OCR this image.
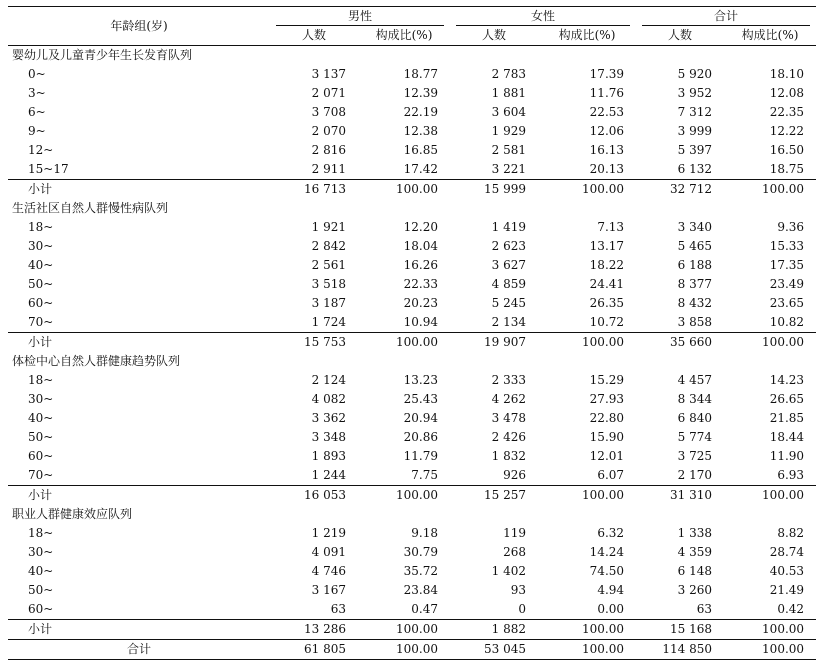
年龄组(岁)	男性		女性		合计	

	人数	构成比(%)	人数	构成比(%)	人数	构成比(%)
婴幼儿及儿童青少年生长发育队列						
0~	3 137	18.77	2 783	17.39	5 920	18.10
3~	2 071	12.39	1 881	11.76	3 952	12.08
6~	3 708	22.19	3 604	22.53	7 312	22.35
9~	2 070	12.38	1 929	12.06	3 999	12.22
12~	2 816	16.85	2 581	16.13	5 397	16.50
15~17	2 911	17.42	3 221	20.13	6 132	18.75
小计	16 713	100.00	15 999	100.00	32 712	100.00
生活社区自然人群慢性病队列						
18~	1 921	12.20	1 419	7.13	3 340	9.36
30~	2 842	18.04	2 623	13.17	5 465	15.33
40~	2 561	16.26	3 627	18.22	6 188	17.35
50~	3 518	22.33	4 859	24.41	8 377	23.49
60~	3 187	20.23	5 245	26.35	8 432	23.65
70~	1 724	10.94	2 134	10.72	3 858	10.82
小计	15 753	100.00	19 907	100.00	35 660	100.00
体检中心自然人群健康趋势队列						
18~	2 124	13.23	2 333	15.29	4 457	14.23
30~	4 082	25.43	4 262	27.93	8 344	26.65
40~	3 362	20.94	3 478	22.80	6 840	21.85
50~	3 348	20.86	2 426	15.90	5 774	18.44
60~	1 893	11.79	1 832	12.01	3 725	11.90
70~	1 244	7.75	926	6.07	2 170	6.93
小计	16 053	100.00	15 257	100.00	31 310	100.00
职业人群健康效应队列						
18~	1 219	9.18	119	6.32	1 338	8.82
30~	4 091	30.79	268	14.24	4 359	28.74
40~	4 746	35.72	1 402	74.50	6 148	40.53
50~	3 167	23.84	93	4.94	3 260	21.49
60~	63	0.47	0	0.00	63	0.42
小计	13 286	100.00	1 882	100.00	15 168	100.00
合计	61 805	100.00	53 045	100.00	114 850	100.00
